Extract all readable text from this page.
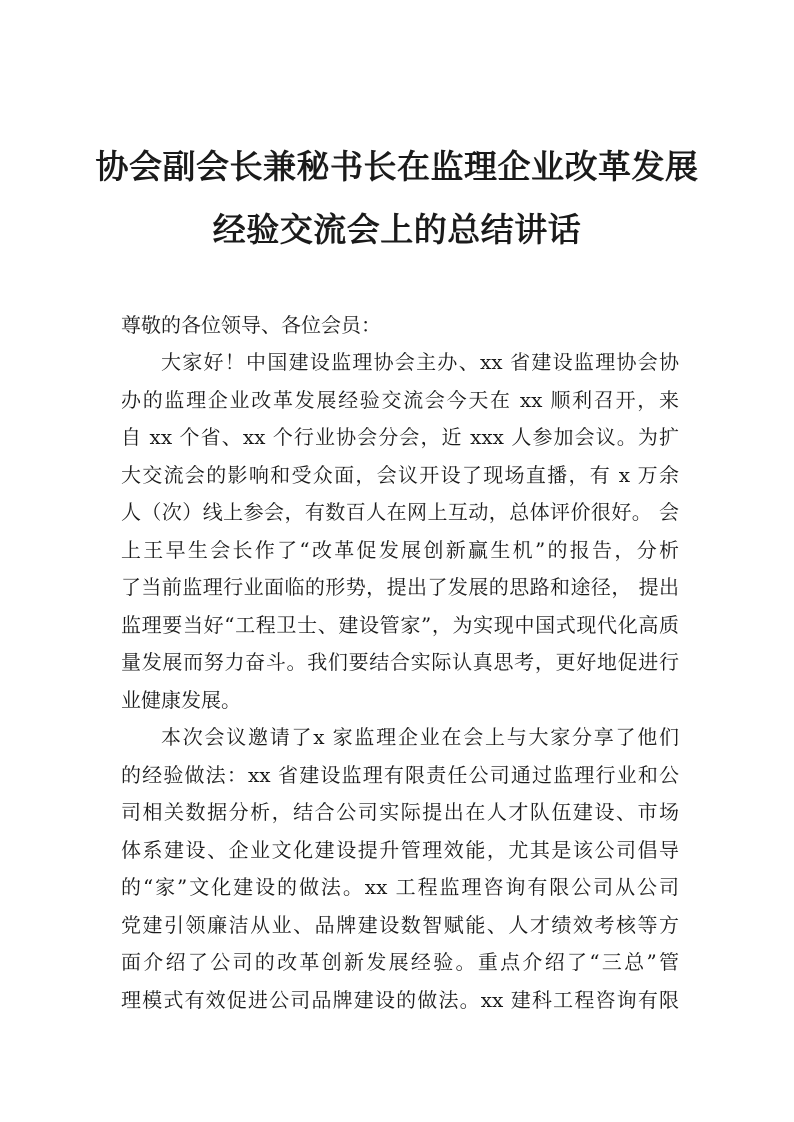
协会副会长兼秘书长在监理企业改革发展
经验交流会上的总结讲话
尊敬的各位领导、各位会员：
大家好！中国建设监理协会主办、xx 省建设监理协会协
办的监理企业改革发展经验交流会今天在 xx 顺利召开，来
自 xx 个省、xx 个行业协会分会，近 xxx 人参加会议。为扩
大交流会的影响和受众面，会议开设了现场直播，有 x 万余
人（次）线上参会，有数百人在网上互动，总体评价很好。 会
上王早生会长作了“改革促发展创新赢生机”的报告，分析
了当前监理行业面临的形势，提出了发展的思路和途径， 提出
监理要当好“工程卫士、建设管家”，为实现中国式现代化高质
量发展而努力奋斗。我们要结合实际认真思考，更好地促进行
业健康发展。
本次会议邀请了x 家监理企业在会上与大家分享了他们
的经验做法：xx 省建设监理有限责任公司通过监理行业和公
司相关数据分析，结合公司实际提出在人才队伍建设、市场
体系建设、企业文化建设提升管理效能，尤其是该公司倡导
的“家”文化建设的做法。xx 工程监理咨询有限公司从公司
党建引领廉洁从业、品牌建设数智赋能、人才绩效考核等方
面介绍了公司的改革创新发展经验。重点介绍了“三总”管
理模式有效促进公司品牌建设的做法。xx 建科工程咨询有限
